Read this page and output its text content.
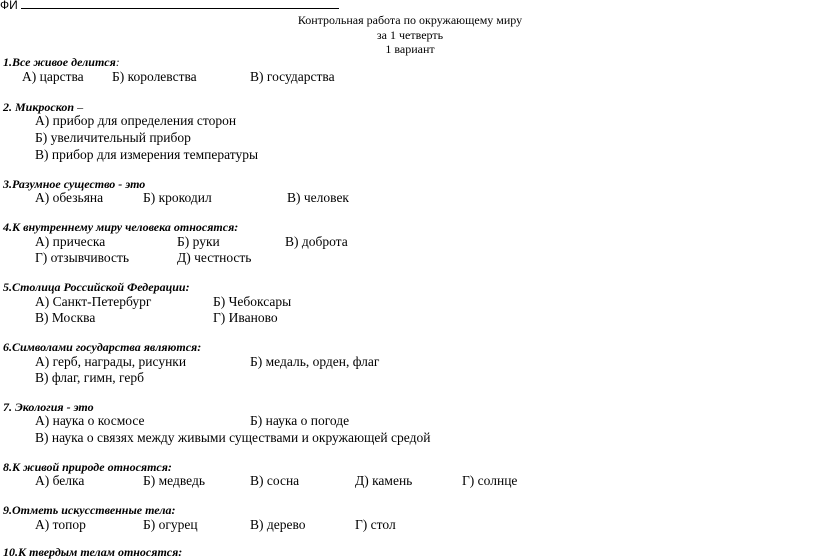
ФИ
Контрольная работа по окружающему миру
за 1 четверть
1 вариант
1.Все живое делится:
А) царства Б) королевства	В) государства
2. Микроскоп –
А) прибор для определения сторон
Б) увеличительный прибор
В) прибор для измерения температуры
3.Разумное существо - это
А) обезьяна	Б) крокодил	В) человек
4.К внутреннему миру человека относятся:
А) прическа	Б) руки	В) доброта
Г) отзывчивость	Д) честность
5.Столица Российской Федерации:
А) Санкт-Петербург	Б) Чебоксары
В) Москва	Г) Иваново
6.Символами государства являются:
А) герб, награды, рисунки	Б) медаль, орден, флаг
В) флаг, гимн, герб
7. Экология - это
А) наука о космосе	Б) наука о погоде
В) наука о связях между живыми существами и окружающей средой
8.К живой природе относятся:
А) белка	Б) медведь	В) сосна	Д) камень	Г) солнце
9.Отметь искусственные тела:
А) топор	Б) огурец	В) дерево	Г) стол
10.К твердым телам относятся:
